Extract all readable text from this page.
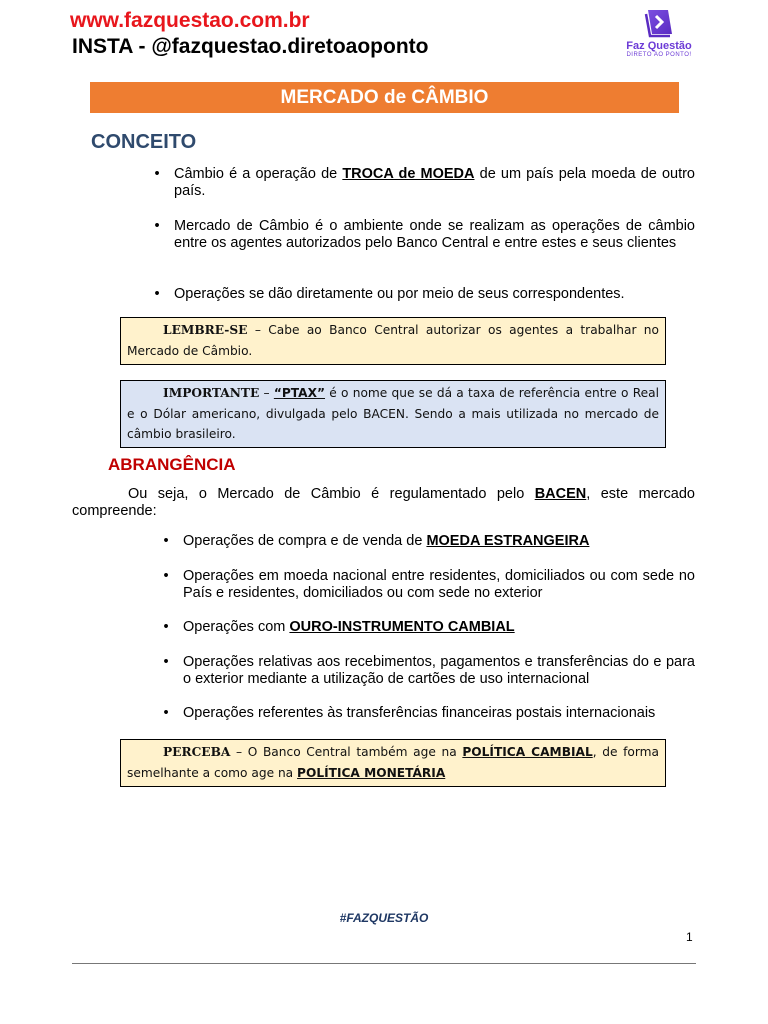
www.fazquestao.com.br

INSTA - @fazquestao.diretoaoponto	Faz Questão
DIRETO AO PONTO!
MERCADO de CÂMBIO
CONCEITO
• Câmbio é a operação de TROCA de MOEDA de um país pela moeda de outro país.
• Mercado de Câmbio é o ambiente onde se realizam as operações de câmbio entre os agentes autorizados pelo Banco Central e entre estes e seus clientes
• Operações se dão diretamente ou por meio de seus correspondentes.
LEMBRE-SE – Cabe ao Banco Central autorizar os agentes a trabalhar no Mercado de Câmbio.
IMPORTANTE – “PTAX” é o nome que se dá a taxa de referência entre o Real e o Dólar americano, divulgada pelo BACEN. Sendo a mais utilizada no mercado de câmbio brasileiro.
ABRANGÊNCIA
Ou seja, o Mercado de Câmbio é regulamentado pelo BACEN, este mercado compreende:
• Operações de compra e de venda de MOEDA ESTRANGEIRA
• Operações em moeda nacional entre residentes, domiciliados ou com sede no País e residentes, domiciliados ou com sede no exterior
• Operações com OURO-INSTRUMENTO CAMBIAL
• Operações relativas aos recebimentos, pagamentos e transferências do e para o exterior mediante a utilização de cartões de uso internacional
• Operações referentes às transferências financeiras postais internacionais
PERCEBA – O Banco Central também age na POLÍTICA CAMBIAL, de forma semelhante a como age na POLÍTICA MONETÁRIA
#FAZQUESTÃO
1
